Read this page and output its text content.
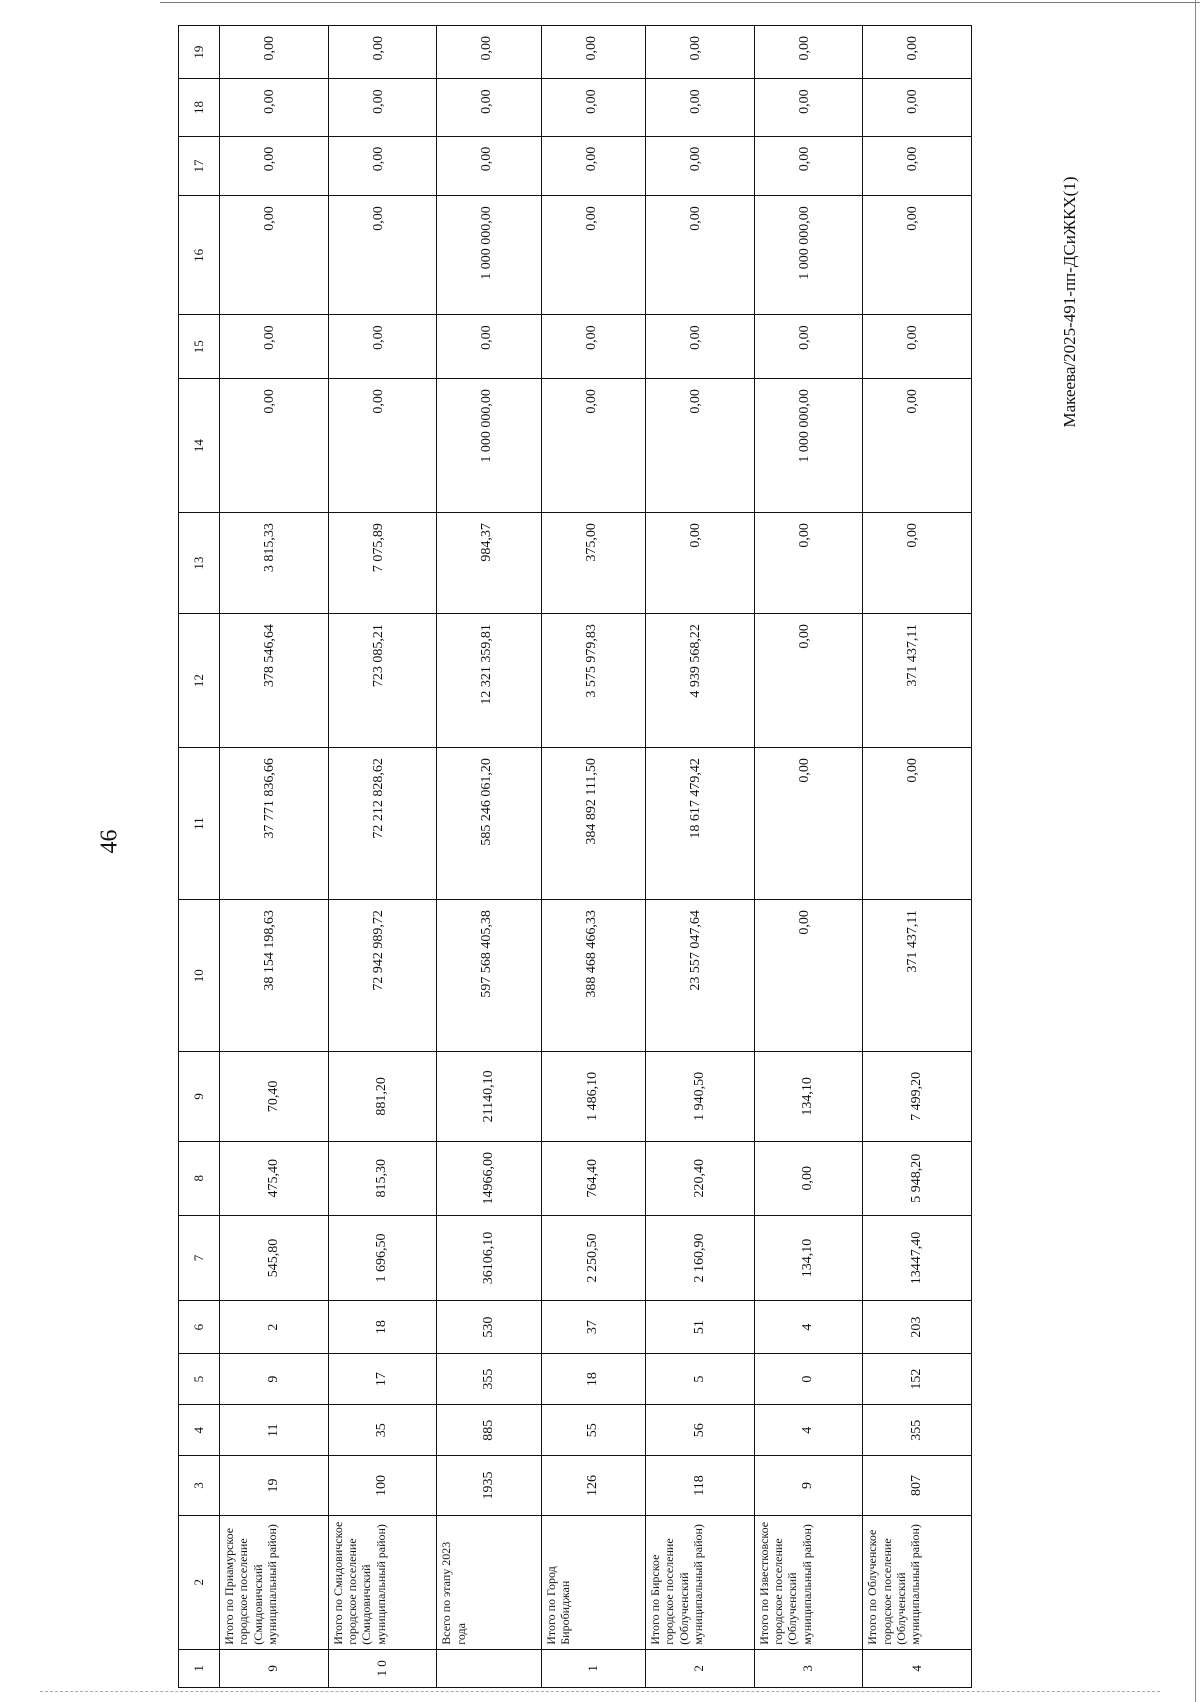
46
Макеева/2025-491-пп-ДСиЖКХ(1)
1	2	3	4	5	6	7	8	9	10	11	12	13	14	15	16	17	18	19
9	Итого по Приамурское городское поселение (Смидовичский муниципальный район)	19	11	9	2	545,80	475,40	70,40	38 154 198,63	37 771 836,66	378 546,64	3 815,33	0,00	0,00	0,00	0,00	0,00	0,00
1 0	Итого по Смидовичское городское поселение (Смидовичский муниципальный район)	100	35	17	18	1 696,50	815,30	881,20	72 942 989,72	72 212 828,62	723 085,21	7 075,89	0,00	0,00	0,00	0,00	0,00	0,00
	Всего по этапу 2023 года	1935	885	355	530	36106,10	14966,00	21140,10	597 568 405,38	585 246 061,20	12 321 359,81	984,37	1 000 000,00	0,00	1 000 000,00	0,00	0,00	0,00
1	Итого по Город Биробиджан	126	55	18	37	2 250,50	764,40	1 486,10	388 468 466,33	384 892 111,50	3 575 979,83	375,00	0,00	0,00	0,00	0,00	0,00	0,00
2	Итого по Бирское городское поселение (Облученский муниципальный район)	118	56	5	51	2 160,90	220,40	1 940,50	23 557 047,64	18 617 479,42	4 939 568,22	0,00	0,00	0,00	0,00	0,00	0,00	0,00
3	Итого по Известковское городское поселение (Облученский муниципальный район)	9	4	0	4	134,10	0,00	134,10	0,00	0,00	0,00	0,00	1 000 000,00	0,00	1 000 000,00	0,00	0,00	0,00
4	Итого по Облученское городское поселение (Облученский муниципальный район)	807	355	152	203	13447,40	5 948,20	7 499,20	371 437,11	0,00	371 437,11	0,00	0,00	0,00	0,00	0,00	0,00	0,00
